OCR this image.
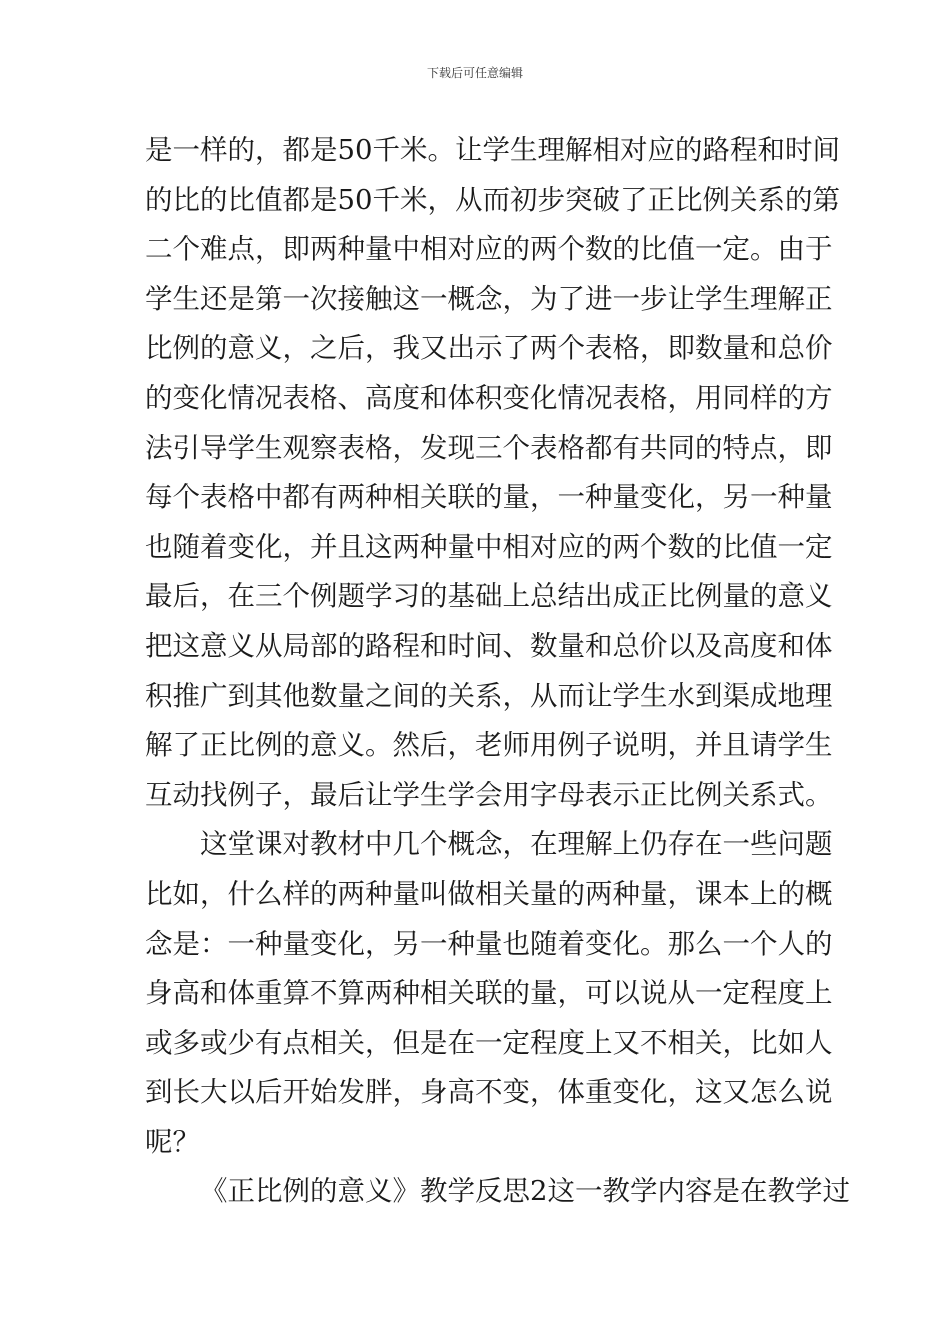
下载后可任意编辑
是一样的，都是50千米。让学生理解相对应的路程和时间
的比的比值都是50千米，从而初步突破了正比例关系的第
二个难点，即两种量中相对应的两个数的比值一定。由于
学生还是第一次接触这一概念，为了进一步让学生理解正
比例的意义，之后，我又出示了两个表格，即数量和总价
的变化情况表格、高度和体积变化情况表格，用同样的方
法引导学生观察表格，发现三个表格都有共同的特点，即
每个表格中都有两种相关联的量，一种量变化，另一种量
也随着变化，并且这两种量中相对应的两个数的比值一定
最后，在三个例题学习的基础上总结出成正比例量的意义
把这意义从局部的路程和时间、数量和总价以及高度和体
积推广到其他数量之间的关系，从而让学生水到渠成地理
解了正比例的意义。然后，老师用例子说明，并且请学生
互动找例子，最后让学生学会用字母表示正比例关系式。
这堂课对教材中几个概念，在理解上仍存在一些问题
比如，什么样的两种量叫做相关量的两种量，课本上的概
念是：一种量变化，另一种量也随着变化。那么一个人的
身高和体重算不算两种相关联的量，可以说从一定程度上
或多或少有点相关，但是在一定程度上又不相关，比如人
到长大以后开始发胖，身高不变，体重变化，这又怎么说
呢？
《正比例的意义》教学反思2这一教学内容是在教学过
